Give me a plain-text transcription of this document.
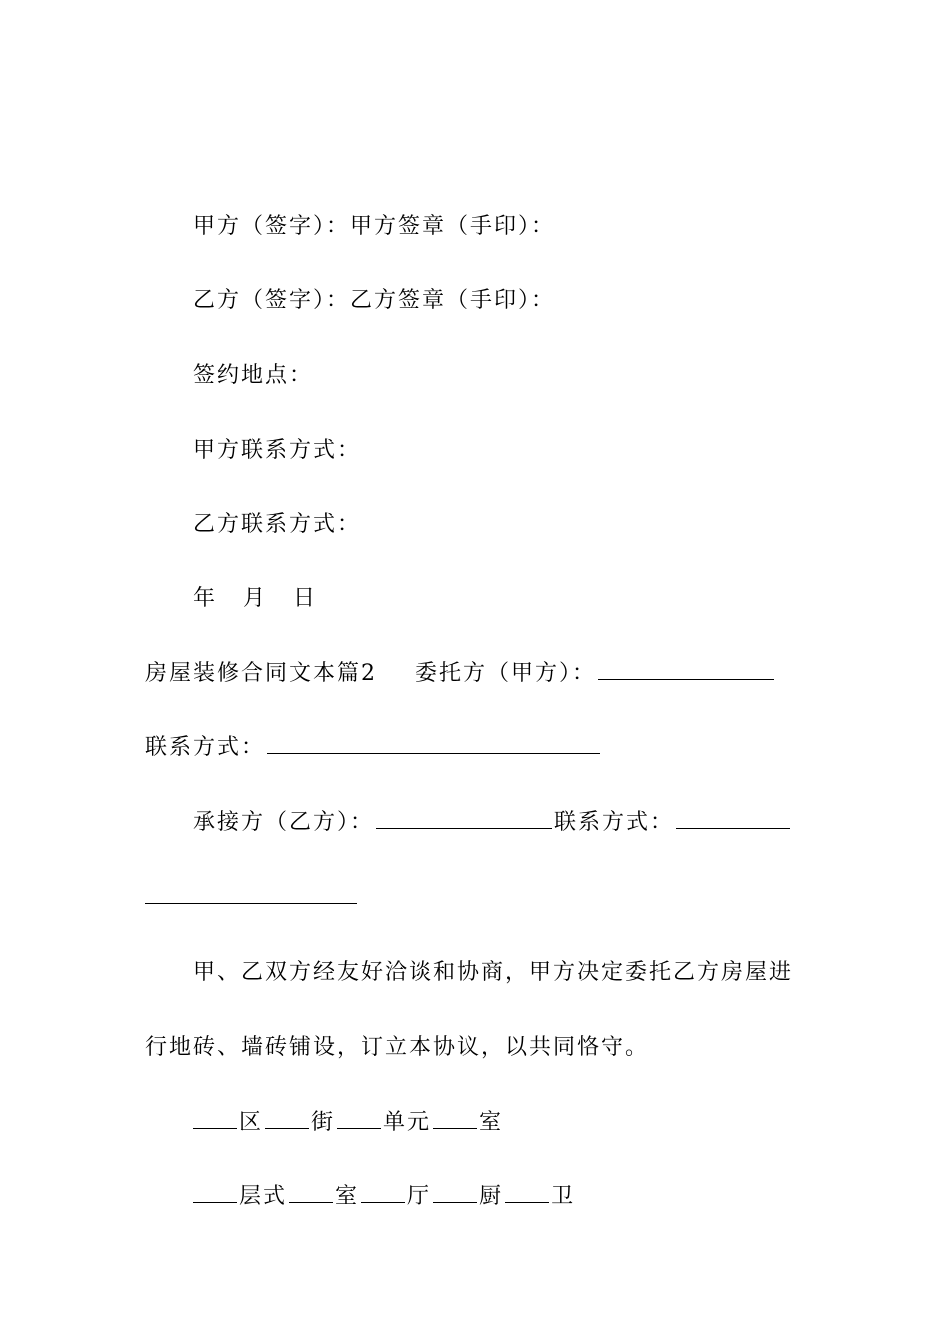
甲方（签字）：甲方签章（手印）：
乙方（签字）：乙方签章（手印）：
签约地点：
甲方联系方式：
乙方联系方式：
年 月 日
房屋装修合同文本篇2 委托方（甲方）：
联系方式：
承接方（乙方）：	联系方式：
甲、乙双方经友好洽谈和协商，甲方决定委托乙方房屋进
行地砖、墙砖铺设，订立本协议，以共同恪守。
区 街 单元 室
层式 室 厅 厨 卫
